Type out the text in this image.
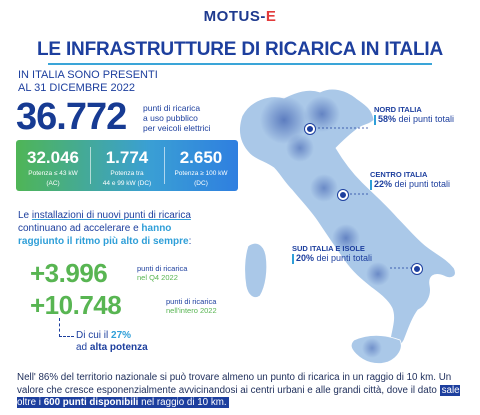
MOTUS-E
LE INFRASTRUTTURE DI RICARICA IN ITALIA
IN ITALIA SONO PRESENTI
AL 31 DICEMBRE 2022
36.772 punti di ricarica
a uso pubblico
per veicoli elettrici
32.046
Potenza ≤ 43 kW
(AC)
1.774
Potenza tra
44 e 99 kW (DC)
2.650
Potenza ≥ 100 kW
(DC)
Le installazioni di nuovi punti di ricarica continuano ad accelerare e hanno raggiunto il ritmo più alto di sempre:
+3.996	punti di ricarica
nel Q4 2022
+10.748	punti di ricarica
nell'intero 2022
Di cui il 27%
ad alta potenza
NORD ITALIA
58% dei punti totali
CENTRO ITALIA
22% dei punti totali
SUD ITALIA E ISOLE
20% dei punti totali
Nell' 86% del territorio nazionale si può trovare almeno un punto di ricarica in un raggio di 10 km. Un valore che cresce esponenzialmente avvicinandosi ai centri urbani e alle grandi città, dove il dato sale oltre i 600 punti disponibili nel raggio di 10 km.
